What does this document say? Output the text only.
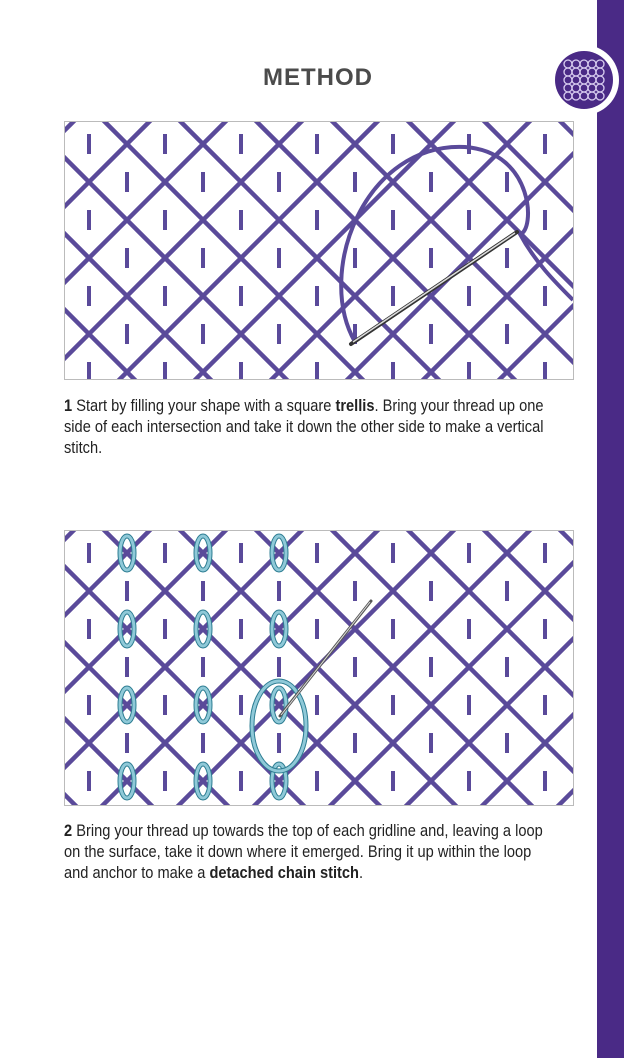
METHOD

1 Start by filling your shape with a square trellis. Bring your thread up one side of each intersection and take it down the other side to make a vertical stitch.

2 Bring your thread up towards the top of each gridline and, leaving a loop on the surface, take it down where it emerged. Bring it up within the loop and anchor to make a detached chain stitch.
